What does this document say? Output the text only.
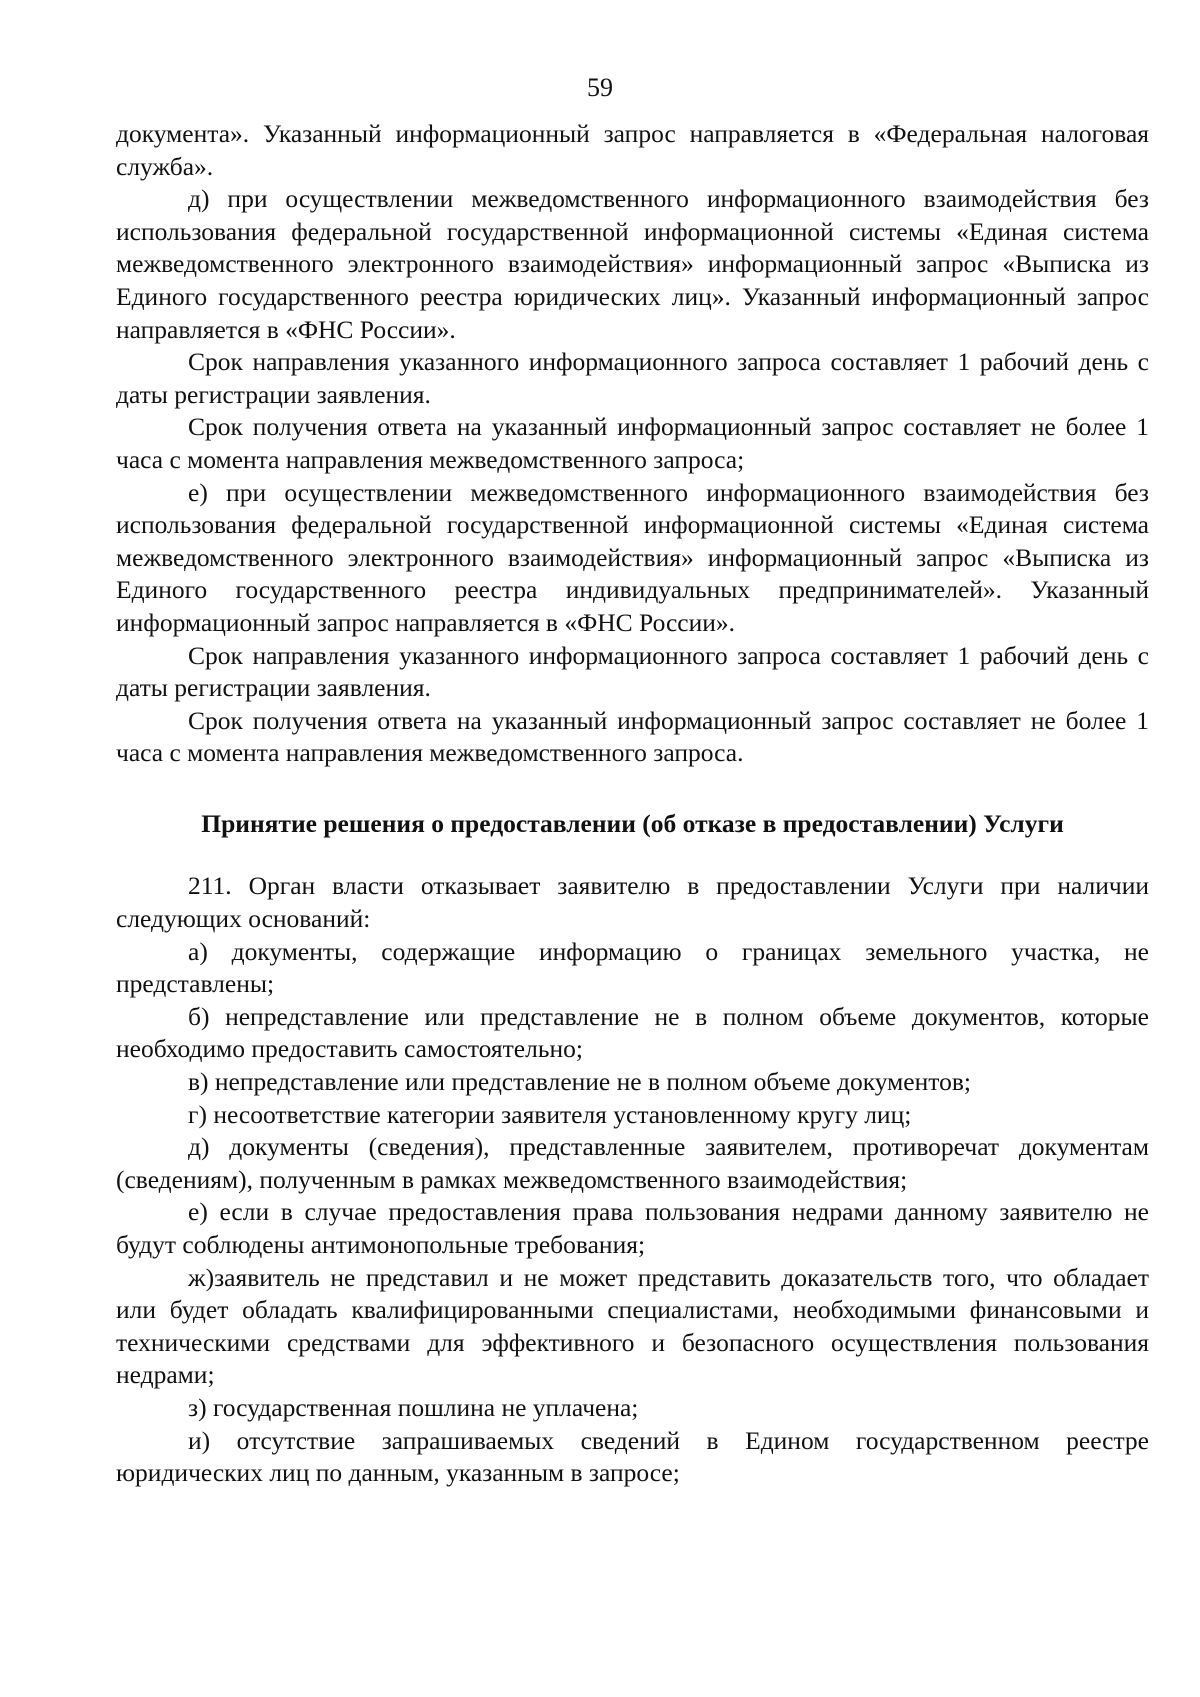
59

документа». Указанный информационный запрос направляется в «Федеральная налоговая служба».

д) при осуществлении межведомственного информационного взаимодействия без использования федеральной государственной информационной системы «Единая система межведомственного электронного взаимодействия» информационный запрос «Выписка из Единого государственного реестра юридических лиц». Указанный информационный запрос направляется в «ФНС России».

Срок направления указанного информационного запроса составляет 1 рабочий день с даты регистрации заявления.

Срок получения ответа на указанный информационный запрос составляет не более 1 часа с момента направления межведомственного запроса;

е) при осуществлении межведомственного информационного взаимодействия без использования федеральной государственной информационной системы «Единая система межведомственного электронного взаимодействия» информационный запрос «Выписка из Единого государственного реестра индивидуальных предпринимателей». Указанный информационный запрос направляется в «ФНС России».

Срок направления указанного информационного запроса составляет 1 рабочий день с даты регистрации заявления.

Срок получения ответа на указанный информационный запрос составляет не более 1 часа с момента направления межведомственного запроса.

Принятие решения о предоставлении (об отказе в предоставлении) Услуги

211. Орган власти отказывает заявителю в предоставлении Услуги при наличии следующих оснований:

а) документы, содержащие информацию о границах земельного участка, не представлены;

б) непредставление или представление не в полном объеме документов, которые необходимо предоставить самостоятельно;

в) непредставление или представление не в полном объеме документов;

г) несоответствие категории заявителя установленному кругу лиц;

д) документы (сведения), представленные заявителем, противоречат документам (сведениям), полученным в рамках межведомственного взаимодействия;

е) если в случае предоставления права пользования недрами данному заявителю не будут соблюдены антимонопольные требования;

ж)заявитель не представил и не может представить доказательств того, что обладает или будет обладать квалифицированными специалистами, необходимыми финансовыми и техническими средствами для эффективного и безопасного осуществления пользования недрами;

з) государственная пошлина не уплачена;

и) отсутствие запрашиваемых сведений в Едином государственном реестре юридических лиц по данным, указанным в запросе;
